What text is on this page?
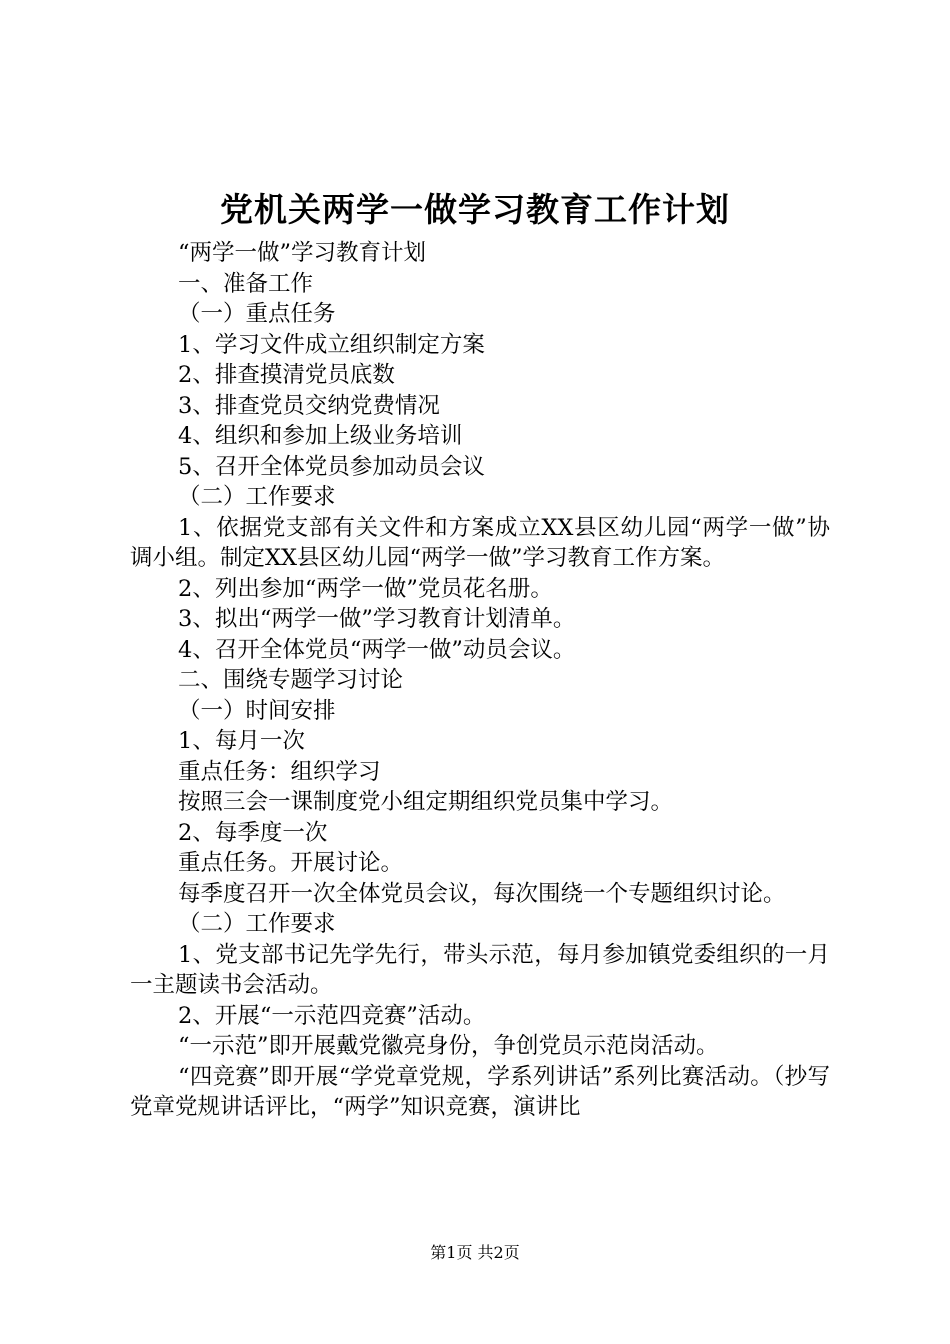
党机关两学一做学习教育工作计划

“两学一做”学习教育计划

一、准备工作

（一）重点任务

1、学习文件成立组织制定方案

2、排查摸清党员底数

3、排查党员交纳党费情况

4、组织和参加上级业务培训

5、召开全体党员参加动员会议

（二）工作要求

1、依据党支部有关文件和方案成立XX县区幼儿园“两学一做”协调小组。制定XX县区幼儿园“两学一做”学习教育工作方案。

2、列出参加“两学一做”党员花名册。

3、拟出“两学一做”学习教育计划清单。

4、召开全体党员“两学一做”动员会议。

二、围绕专题学习讨论

（一）时间安排

1、每月一次

重点任务：组织学习

按照三会一课制度党小组定期组织党员集中学习。

2、每季度一次

重点任务。开展讨论。

每季度召开一次全体党员会议，每次围绕一个专题组织讨论。

（二）工作要求

1、党支部书记先学先行，带头示范，每月参加镇党委组织的一月一主题读书会活动。

2、开展“一示范四竞赛”活动。

“一示范”即开展戴党徽亮身份，争创党员示范岗活动。

“四竞赛”即开展“学党章党规，学系列讲话”系列比赛活动。（抄写党章党规讲话评比，“两学”知识竞赛，演讲比

第1页 共2页
